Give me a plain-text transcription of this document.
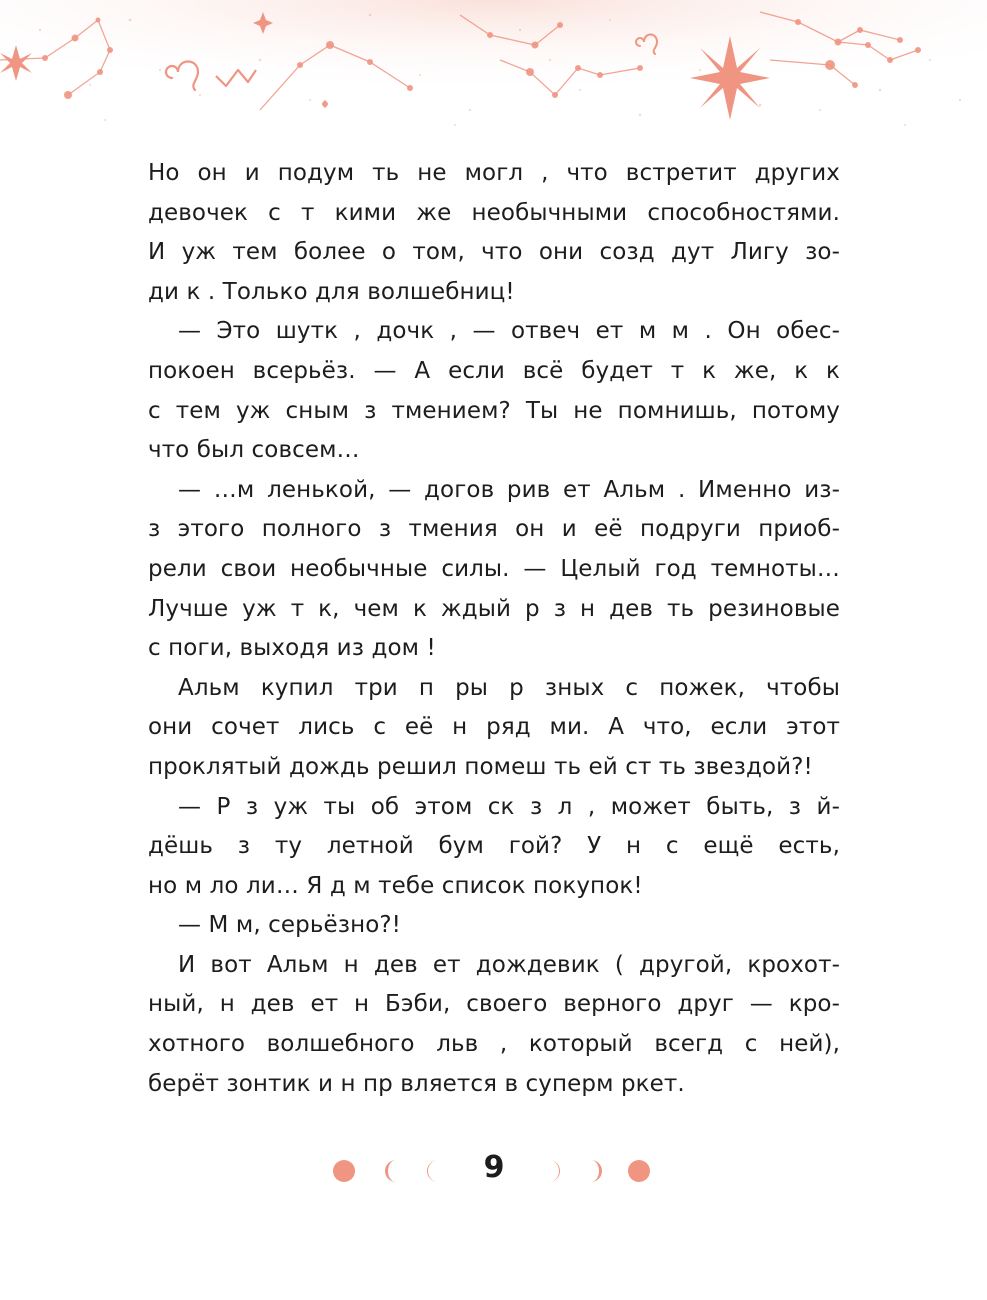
Но он и подум ть не могл , что встретит других
девочек с т кими же необычными способностями.
И уж тем более о том, что они созд дут Лигу зо-
ди к . Только для волшебниц!
— Это шутк , дочк , — отвеч ет м м . Он обес-
покоен всерьёз. — А если всё будет т к же, к к
с тем уж сным з тмением? Ты не помнишь, потому
что был совсем…
— …м ленькой, — догов рив ет Альм . Именно из-
з этого полного з тмения он и её подруги приоб-
рели свои необычные силы. — Целый год темноты…
Лучше уж т к, чем к ждый р з н дев ть резиновые
с поги, выходя из дом !
Альм купил три п ры р зных с пожек, чтобы
они сочет лись с её н ряд ми. А что, если этот
проклятый дождь решил помеш ть ей ст ть звездой?!
— Р з уж ты об этом ск з л , может быть, з й-
дёшь з ту летной бум гой? У н с ещё есть,
но м ло ли… Я д м тебе список покупок!
— М м, серьёзно?!
И вот Альм н дев ет дождевик ( другой, крохот-
ный, н дев ет н Бэби, своего верного друг — кро-
хотного волшебного льв , который всегд с ней),
берёт зонтик и н пр вляется в суперм ркет.
9
